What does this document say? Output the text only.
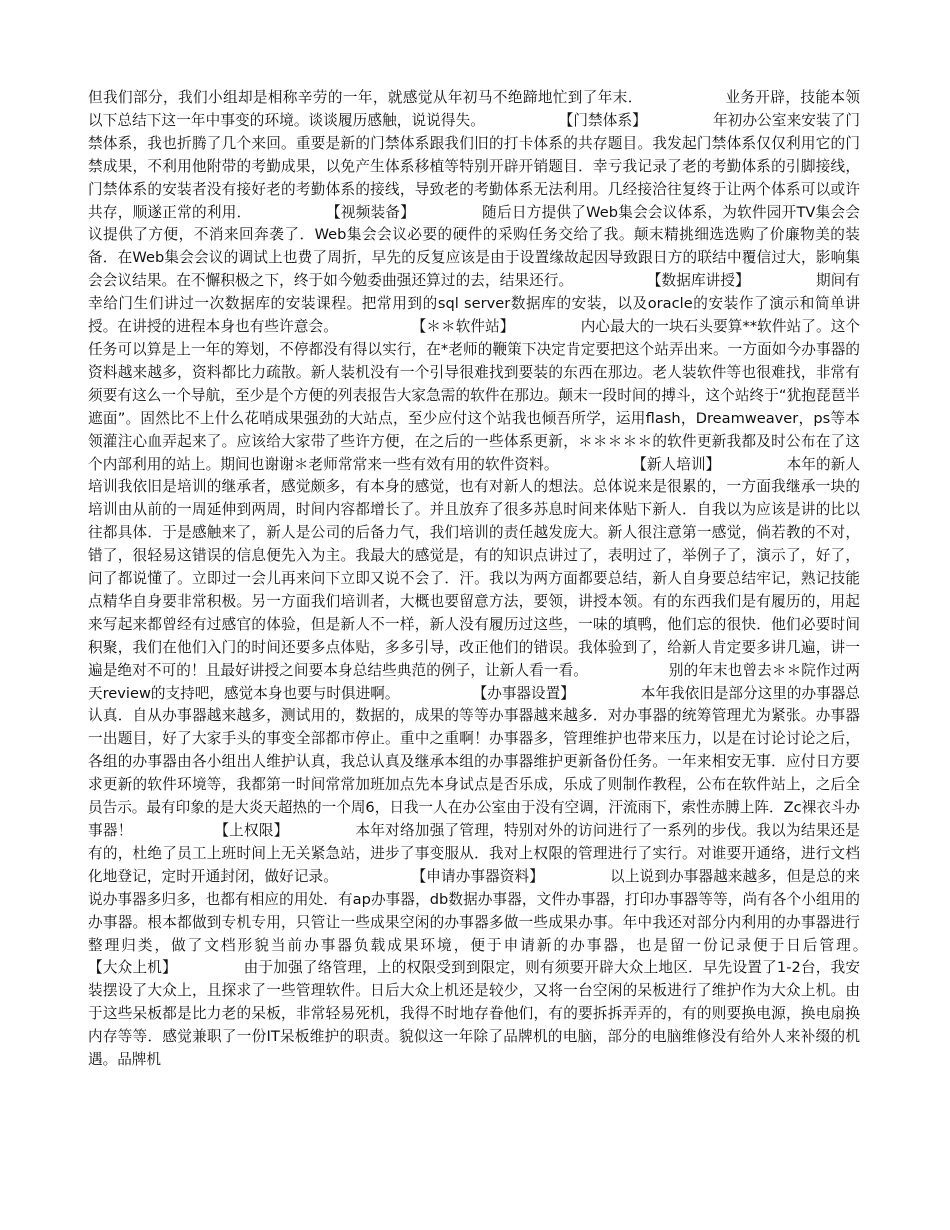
但我们部分，我们小组却是相称辛劳的一年，就感觉从年初马不绝蹄地忙到了年末．　　　　　　业务开辟，技能本领　　　　　以下总结下这一年中事变的环境。谈谈履历感触，说说得失。　　　　　　【门禁体系】　　　　　年初办公室来安装了门禁体系，我也折腾了几个来回。重要是新的门禁体系跟我们旧的打卡体系的共存题目。我发起门禁体系仅仅利用它的门禁成果，不利用他附带的考勤成果，以免产生体系移植等特别开辟开销题目．幸亏我记录了老的考勤体系的引脚接线，门禁体系的安装者没有接好老的考勤体系的接线，导致老的考勤体系无法利用。几经接洽往复终于让两个体系可以或许共存，顺遂正常的利用．　　　　　　【视频装备】　　　　　随后日方提供了Web集会会议体系，为软件园开TV集会会议提供了方便，不消来回奔袭了．Web集会会议必要的硬件的采购任务交给了我。颠末精挑细选选购了价廉物美的装备．在Web集会会议的调试上也费了周折，早先的反复应该是由于设置缘故起因导致跟日方的联结中覆信过大，影响集会会议结果。在不懈积极之下，终于如今勉委曲强还算过的去，结果还行。　　　　　　【数据库讲授】　　　　　期间有幸给门生们讲过一次数据库的安装课程。把常用到的sql server数据库的安装，以及oracle的安装作了演示和简单讲授。在讲授的进程本身也有些许意会。　　　　　　【＊＊软件站】　　　　　内心最大的一块石头要算**软件站了。这个任务可以算是上一年的筹划，不停都没有得以实行，在*老师的鞭策下决定肯定要把这个站弄出来。一方面如今办事器的资料越来越多，资料都比力疏散。新人装机没有一个引导很难找到要装的东西在那边。老人装软件等也很难找，非常有须要有这么一个导航，至少是个方便的列表报告大家急需的软件在那边。颠末一段时间的搏斗，这个站终于“犹抱琵琶半遮面”。固然比不上什么花哨成果强劲的大站点，至少应付这个站我也倾吾所学，运用flash，Dreamweaver，ps等本领灌注心血弄起来了。应该给大家带了些许方便，在之后的一些体系更新，＊＊＊＊＊的软件更新我都及时公布在了这个内部利用的站上。期间也谢谢＊老师常常来一些有效有用的软件资料。　　　　　　【新人培训】　　　　　本年的新人培训我依旧是培训的继承者，感觉颇多，有本身的感觉，也有对新人的想法。总体说来是很累的，一方面我继承一块的培训由从前的一周延伸到两周，时间内容都增长了。并且放弃了很多苏息时间来体贴下新人．自我以为应该是讲的比以往都具体．于是感触来了，新人是公司的后备力气，我们培训的责任越发庞大。新人很注意第一感觉，倘若教的不对，错了，很轻易这错误的信息便先入为主。我最大的感觉是，有的知识点讲过了，表明过了，举例子了，演示了，好了，问了都说懂了。立即过一会儿再来问下立即又说不会了．汗。我以为两方面都要总结，新人自身要总结牢记，熟记技能点精华自身要非常积极。另一方面我们培训者，大概也要留意方法，要领，讲授本领。有的东西我们是有履历的，用起来写起来都曾经有过感官的体验，但是新人不一样，新人没有履历过这些，一味的填鸭，他们忘的很快．他们必要时间积聚，我们在他们入门的时间还要多点体贴，多多引导，改正他们的错误。我体验到了，给新人肯定要多讲几遍，讲一遍是绝对不可的！且最好讲授之间要本身总结些典范的例子，让新人看一看。　　　　　　别的年末也曾去＊＊院作过两天review的支持吧，感觉本身也要与时俱进啊。　　　　　　【办事器设置】　　　　　本年我依旧是部分这里的办事器总认真．自从办事器越来越多，测试用的，数据的，成果的等等办事器越来越多．对办事器的统筹管理尤为紧张。办事器一出题目，好了大家手头的事变全部都市停止。重中之重啊！办事器多，管理维护也带来压力，以是在讨论讨论之后，各组的办事器由各小组出人维护认真，我总认真及继承本组的办事器维护更新备份任务。一年来相安无事．应付日方要求更新的软件环境等，我都第一时间常常加班加点先本身试点是否乐成，乐成了则制作教程，公布在软件站上，之后全员告示。最有印象的是大炎天超热的一个周6，日我一人在办公室由于没有空调，汗流雨下，索性赤膊上阵．Zc裸衣斗办事器！　　　　　　【上权限】　　　　　本年对络加强了管理，特别对外的访问进行了一系列的步伐。我以为结果还是有的，杜绝了员工上班时间上无关紧急站，进步了事变服从．我对上权限的管理进行了实行。对谁要开通络，进行文档化地登记，定时开通封闭，做好记录。　　　　　　【申请办事器资料】　　　　　以上说到办事器越来越多，但是总的来说办事器多归多，也都有相应的用处．有ap办事器，db数据办事器，文件办事器，打印办事器等等，尚有各个小组用的办事器。根本都做到专机专用，只管让一些成果空闲的办事器多做一些成果办事。年中我还对部分内利用的办事器进行整理归类，做了文档形貌当前办事器负载成果环境，便于申请新的办事器，也是留一份记录便于日后管理。　　　　　　【大众上机】　　　　　由于加强了络管理，上的权限受到到限定，则有须要开辟大众上地区．早先设置了1-2台，我安装摆设了大众上，且探求了一些管理软件。日后大众上机还是较少，又将一台空闲的呆板进行了维护作为大众上机。由于这些呆板都是比力老的呆板，非常轻易死机，我得不时地存眷他们，有的要拆拆弄弄的，有的则要换电源，换电扇换内存等等．感觉兼职了一份IT呆板维护的职责。貌似这一年除了品牌机的电脑，部分的电脑维修没有给外人来补缀的机遇。品牌机
